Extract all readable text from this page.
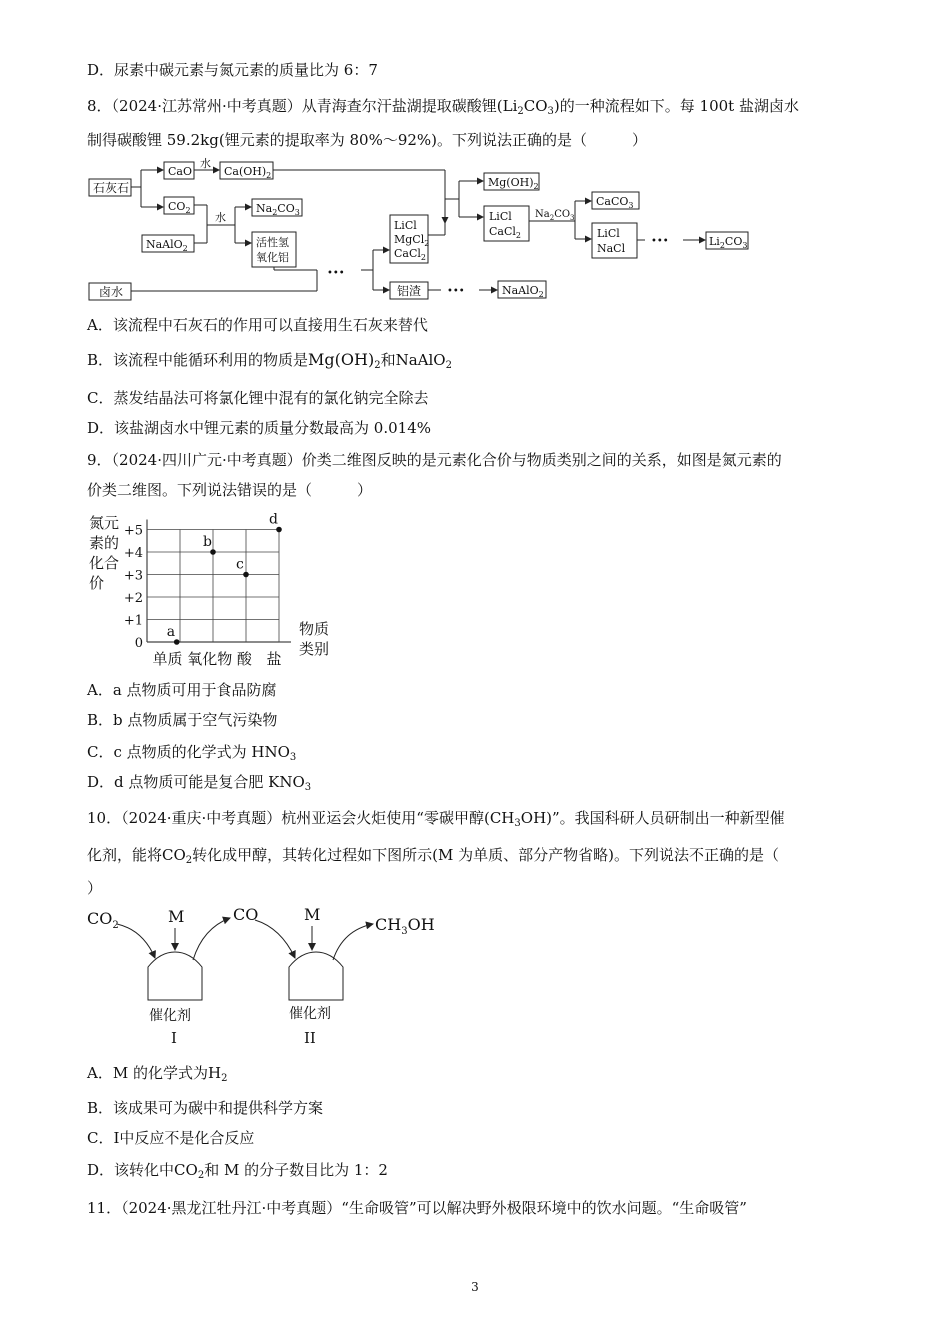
D．尿素中碳元素与氮元素的质量比为 6：7
8．（2024·江苏常州·中考真题）从青海查尔汗盐湖提取碳酸锂$(Li_2CO_3)$的一种流程如下。每 100t 盐湖卤水
制得碳酸锂 59.2kg(锂元素的提取率为 80%～92%)。下列说法正确的是（　　　）
石灰石
CaO
水
$Ca(OH)_2$
$CO_2$
NaAlO$_2$
水
$Na_2CO_3$
活性氢
氧化铝
卤水
•••
LiCl
MgCl$_2$
CaCl$_2$
$Mg(OH)_2$
LiCl
CaCl$_2$
$Na_2CO_3$
CaCO$_3$
LiCl
NaCl
•••	$Li_2CO_3$
铝渣	•••	NaAlO$_2$
A．该流程中石灰石的作用可以直接用生石灰来替代
B．该流程中能循环利用的物质是$Mg(OH)_2$和NaAlO$_2$
C．蒸发结晶法可将氯化锂中混有的氯化钠完全除去
D．该盐湖卤水中锂元素的质量分数最高为 0.014%
9．（2024·四川广元·中考真题）价类二维图反映的是元素化合价与物质类别之间的关系，如图是氮元素的
价类二维图。下列说法错误的是（　　　）
氮元
素的
化合
价
0
+1
+2
+3
+4
+5
单质 氧化物 酸 盐
a
b
c
d
物质
类别
A．a 点物质可用于食品防腐
B．b 点物质属于空气污染物
C．c 点物质的化学式为 $HNO_3$
D．d 点物质可能是复合肥 $KNO_3$
10．（2024·重庆·中考真题）杭州亚运会火炬使用“零碳甲醇$(CH_3OH)$”。我国科研人员研制出一种新型催
化剂，能将$CO_2$转化成甲醇，其转化过程如下图所示(M 为单质、部分产物省略)。下列说法不正确的是（
）
$CO_2$	M	CO	M
$CH_3OH$
催化剂
I
催化剂
II
A．M 的化学式为$H_2$
B．该成果可为碳中和提供科学方案
C．Ⅰ中反应不是化合反应
D．该转化中$CO_2$和 M 的分子数目比为 1：2
11．（2024·黑龙江牡丹江·中考真题）“生命吸管”可以解决野外极限环境中的饮水问题。“生命吸管”
3
